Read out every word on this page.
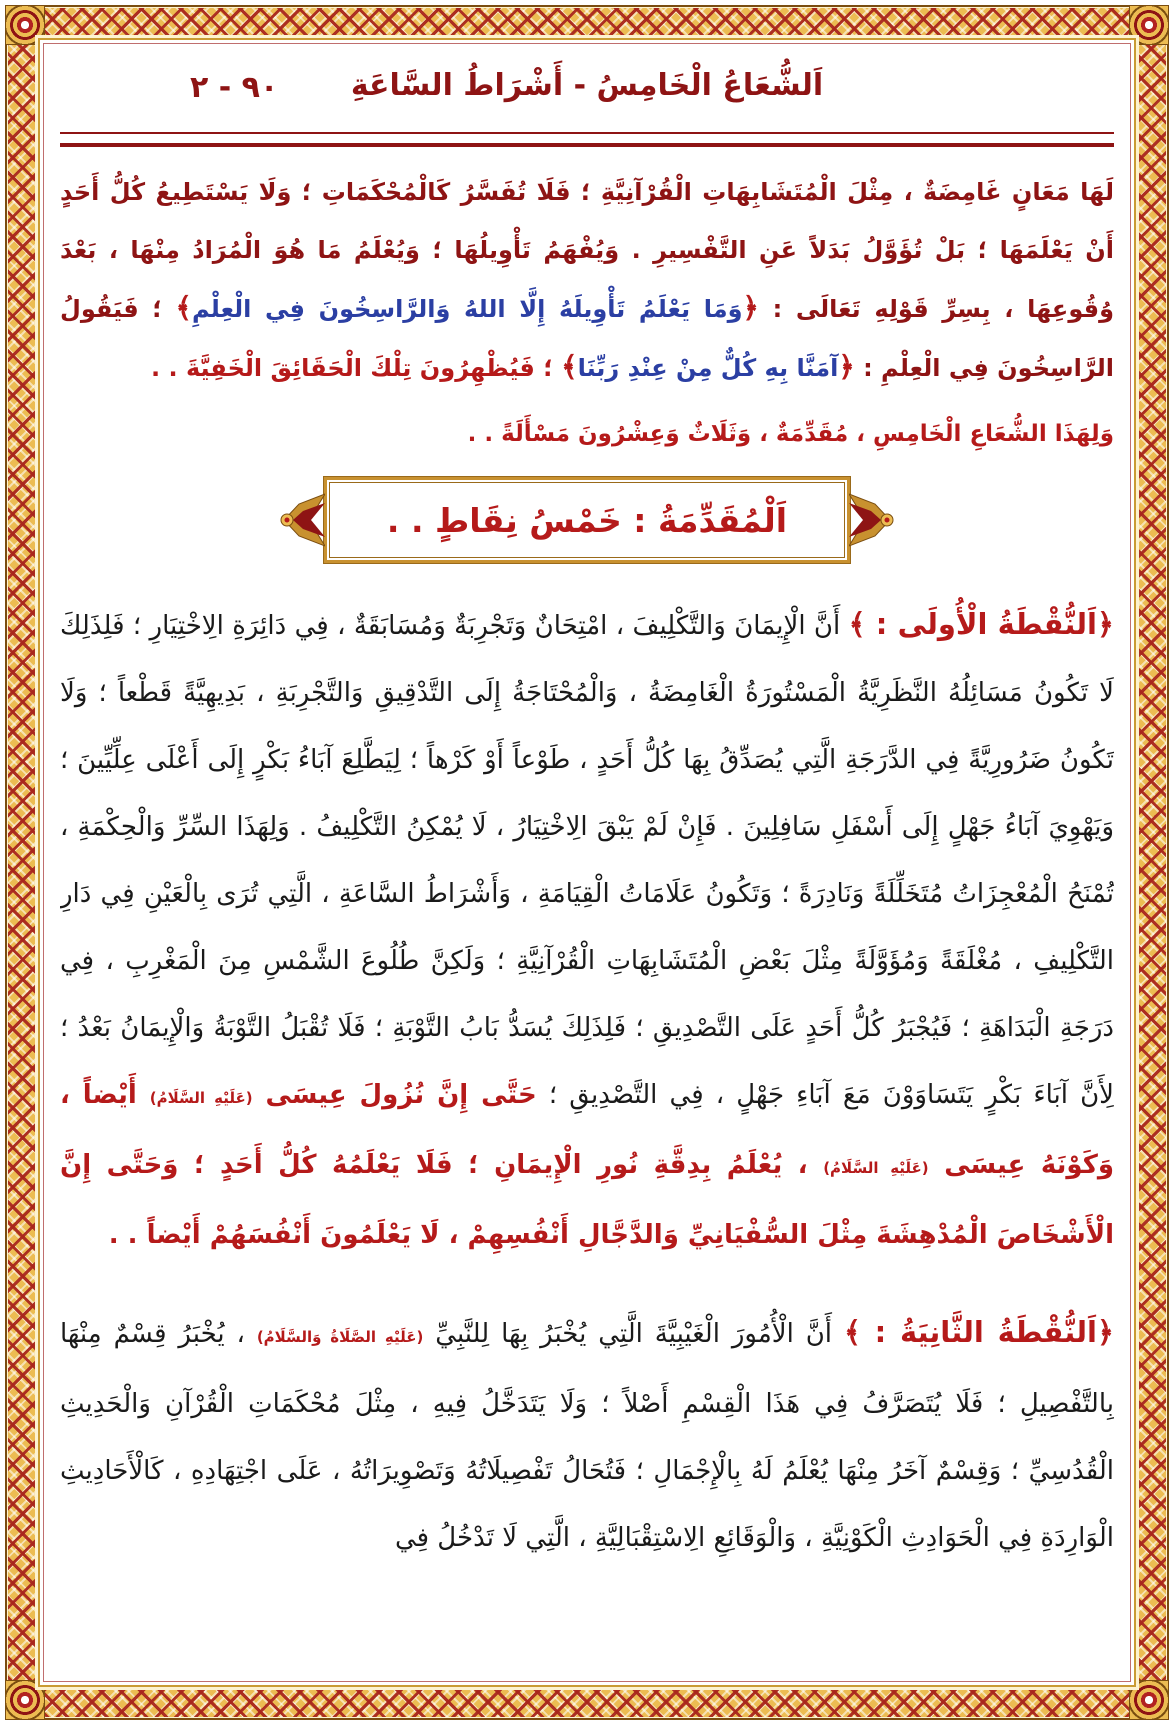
اَلشُّعَاعُ الْخَامِسُ - أَشْرَاطُ السَّاعَةِ
٩٠ - ٢

لَهَا مَعَانٍ غَامِضَةٌ ، مِثْلَ الْمُتَشَابِهَاتِ الْقُرْآنِيَّةِ ؛ فَلَا تُفَسَّرُ كَالْمُحْكَمَاتِ ؛ وَلَا يَسْتَطِيعُ كُلُّ أَحَدٍ أَنْ يَعْلَمَهَا ؛ بَلْ تُؤَوَّلُ بَدَلاً عَنِ التَّفْسِيرِ . وَيُفْهَمُ تَأْوِيلُهَا ؛ وَيُعْلَمُ مَا هُوَ الْمُرَادُ مِنْهَا ، بَعْدَ وُقُوعِهَا ، بِسِرِّ قَوْلِهِ تَعَالَى : ﴿وَمَا يَعْلَمُ تَأْوِيلَهُ إِلَّا اللهُ وَالرَّاسِخُونَ فِي الْعِلْمِ﴾ ؛ فَيَقُولُ الرَّاسِخُونَ فِي الْعِلْمِ : ﴿آمَنَّا بِهِ كُلٌّ مِنْ عِنْدِ رَبِّنَا﴾ ؛ فَيُظْهِرُونَ تِلْكَ الْحَقَائِقَ الْخَفِيَّةَ . .

وَلِهَذَا الشُّعَاعِ الْخَامِسِ ، مُقَدِّمَةٌ ، وَثَلَاثٌ وَعِشْرُونَ مَسْأَلَةً . .

اَلْمُقَدِّمَةُ : خَمْسُ نِقَاطٍ . .

﴿اَلنُّقْطَةُ الْأُولَى : ﴾ أَنَّ الْإِيمَانَ وَالتَّكْلِيفَ ، امْتِحَانٌ وَتَجْرِبَةٌ وَمُسَابَقَةٌ ، فِي دَائِرَةِ الِاخْتِيَارِ ؛ فَلِذَلِكَ لَا تَكُونُ مَسَائِلُهُ النَّظَرِيَّةُ الْمَسْتُورَةُ الْغَامِضَةُ ، وَالْمُحْتَاجَةُ إِلَى التَّدْقِيقِ وَالتَّجْرِبَةِ ، بَدِيهِيَّةً قَطْعاً ؛ وَلَا تَكُونُ ضَرُورِيَّةً فِي الدَّرَجَةِ الَّتِي يُصَدِّقُ بِهَا كُلُّ أَحَدٍ ، طَوْعاً أَوْ كَرْهاً ؛ لِيَطَّلِعَ آبَاءُ بَكْرٍ إِلَى أَعْلَى عِلِّيِّينَ ؛ وَيَهْوِيَ آبَاءُ جَهْلٍ إِلَى أَسْفَلِ سَافِلِينَ . فَإِنْ لَمْ يَبْقَ الِاخْتِيَارُ ، لَا يُمْكِنُ التَّكْلِيفُ . وَلِهَذَا السِّرِّ وَالْحِكْمَةِ ، تُمْنَحُ الْمُعْجِزَاتُ مُتَخَلِّلَةً وَنَادِرَةً ؛ وَتَكُونُ عَلَامَاتُ الْقِيَامَةِ ، وَأَشْرَاطُ السَّاعَةِ ، الَّتِي تُرَى بِالْعَيْنِ فِي دَارِ التَّكْلِيفِ ، مُغْلَقَةً وَمُؤَوَّلَةً مِثْلَ بَعْضِ الْمُتَشَابِهَاتِ الْقُرْآنِيَّةِ ؛ وَلَكِنَّ طُلُوعَ الشَّمْسِ مِنَ الْمَغْرِبِ ، فِي دَرَجَةِ الْبَدَاهَةِ ؛ فَيُجْبَرُ كُلُّ أَحَدٍ عَلَى التَّصْدِيقِ ؛ فَلِذَلِكَ يُسَدُّ بَابُ التَّوْبَةِ ؛ فَلَا تُقْبَلُ التَّوْبَةُ وَالْإِيمَانُ بَعْدُ ؛ لِأَنَّ آبَاءَ بَكْرٍ يَتَسَاوَوْنَ مَعَ آبَاءِ جَهْلٍ ، فِي التَّصْدِيقِ ؛ حَتَّى إِنَّ نُزُولَ عِيسَى (عَلَيْهِ السَّلَامُ) أَيْضاً ، وَكَوْنَهُ عِيسَى (عَلَيْهِ السَّلَامُ) ، يُعْلَمُ بِدِقَّةِ نُورِ الْإِيمَانِ ؛ فَلَا يَعْلَمُهُ كُلُّ أَحَدٍ ؛ وَحَتَّى إِنَّ الْأَشْخَاصَ الْمُدْهِشَةَ مِثْلَ السُّفْيَانِيِّ وَالدَّجَّالِ أَنْفُسِهِمْ ، لَا يَعْلَمُونَ أَنْفُسَهُمْ أَيْضاً . .

﴿اَلنُّقْطَةُ الثَّانِيَةُ : ﴾ أَنَّ الْأُمُورَ الْغَيْبِيَّةَ الَّتِي يُخْبَرُ بِهَا لِلنَّبِيِّ (عَلَيْهِ الصَّلَاةُ وَالسَّلَامُ) ، يُخْبَرُ قِسْمٌ مِنْهَا بِالتَّفْصِيلِ ؛ فَلَا يُتَصَرَّفُ فِي هَذَا الْقِسْمِ أَصْلاً ؛ وَلَا يَتَدَخَّلُ فِيهِ ، مِثْلَ مُحْكَمَاتِ الْقُرْآنِ وَالْحَدِيثِ الْقُدُسِيِّ ؛ وَقِسْمٌ آخَرُ مِنْهَا يُعْلَمُ لَهُ بِالْإِجْمَالِ ؛ فَتُحَالُ تَفْصِيلَاتُهُ وَتَصْوِيرَاتُهُ ، عَلَى اجْتِهَادِهِ ، كَالْأَحَادِيثِ الْوَارِدَةِ فِي الْحَوَادِثِ الْكَوْنِيَّةِ ، وَالْوَقَائِعِ الِاسْتِقْبَالِيَّةِ ، الَّتِي لَا تَدْخُلُ فِي
